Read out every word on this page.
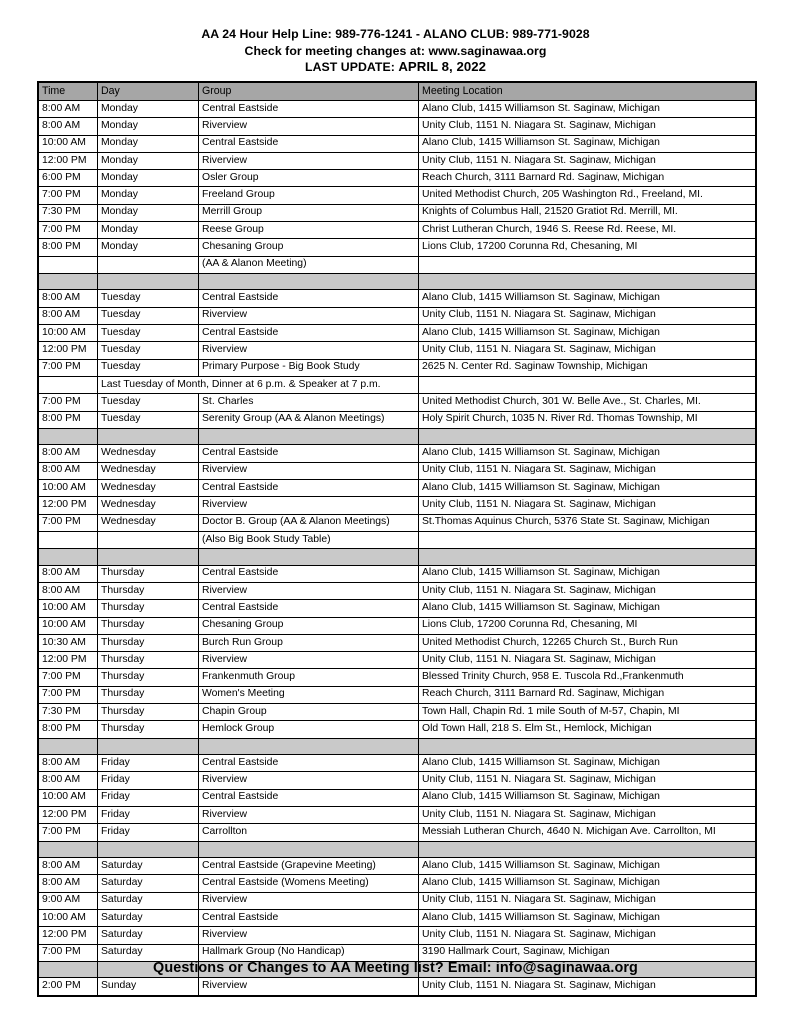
AA 24 Hour Help Line: 989-776-1241 - ALANO CLUB: 989-771-9028
Check for meeting changes at: www.saginawaa.org
LAST UPDATE: APRIL 8, 2022
Time	Day	Group	Meeting Location
8:00 AM	Monday	Central Eastside	Alano Club, 1415 Williamson St. Saginaw, Michigan
8:00 AM	Monday	Riverview	Unity Club, 1151 N. Niagara St. Saginaw, Michigan
10:00 AM	Monday	Central Eastside	Alano Club, 1415 Williamson St. Saginaw, Michigan
12:00 PM	Monday	Riverview	Unity Club, 1151 N. Niagara St. Saginaw, Michigan
6:00 PM	Monday	Osler Group	Reach Church, 3111 Barnard Rd. Saginaw, Michigan
7:00 PM	Monday	Freeland Group	United Methodist Church, 205 Washington Rd., Freeland, MI.
7:30 PM	Monday	Merrill Group	Knights of Columbus Hall, 21520 Gratiot Rd. Merrill, MI.
7:00 PM	Monday	Reese Group	Christ Lutheran Church, 1946 S. Reese Rd. Reese, MI.
8:00 PM	Monday	Chesaning Group	Lions Club, 17200 Corunna Rd, Chesaning, MI
		(AA & Alanon Meeting)	

8:00 AM	Tuesday	Central Eastside	Alano Club, 1415 Williamson St. Saginaw, Michigan
8:00 AM	Tuesday	Riverview	Unity Club, 1151 N. Niagara St. Saginaw, Michigan
10:00 AM	Tuesday	Central Eastside	Alano Club, 1415 Williamson St. Saginaw, Michigan
12:00 PM	Tuesday	Riverview	Unity Club, 1151 N. Niagara St. Saginaw, Michigan
7:00 PM	Tuesday	Primary Purpose - Big Book Study	2625 N. Center Rd. Saginaw Township, Michigan
	Last Tuesday of Month, Dinner at 6 p.m. & Speaker at 7 p.m.		
7:00 PM	Tuesday	St. Charles	United Methodist Church, 301 W. Belle Ave., St. Charles, MI.
8:00 PM	Tuesday	Serenity Group (AA & Alanon Meetings)	Holy Spirit Church, 1035 N. River Rd. Thomas Township, MI

8:00 AM	Wednesday	Central Eastside	Alano Club, 1415 Williamson St. Saginaw, Michigan
8:00 AM	Wednesday	Riverview	Unity Club, 1151 N. Niagara St. Saginaw, Michigan
10:00 AM	Wednesday	Central Eastside	Alano Club, 1415 Williamson St. Saginaw, Michigan
12:00 PM	Wednesday	Riverview	Unity Club, 1151 N. Niagara St. Saginaw, Michigan
7:00 PM	Wednesday	Doctor B. Group (AA & Alanon Meetings)	St.Thomas Aquinus Church, 5376 State St. Saginaw, Michigan
		(Also Big Book Study Table)	

8:00 AM	Thursday	Central Eastside	Alano Club, 1415 Williamson St. Saginaw, Michigan
8:00 AM	Thursday	Riverview	Unity Club, 1151 N. Niagara St. Saginaw, Michigan
10:00 AM	Thursday	Central Eastside	Alano Club, 1415 Williamson St. Saginaw, Michigan
10:00 AM	Thursday	Chesaning Group	Lions Club, 17200 Corunna Rd, Chesaning, MI
10:30 AM	Thursday	Burch Run Group	United Methodist Church, 12265 Church St., Burch Run
12:00 PM	Thursday	Riverview	Unity Club, 1151 N. Niagara St. Saginaw, Michigan
7:00 PM	Thursday	Frankenmuth Group	Blessed Trinity Church, 958 E. Tuscola Rd.,Frankenmuth
7:00 PM	Thursday	Women's Meeting	Reach Church, 3111 Barnard Rd. Saginaw, Michigan
7:30 PM	Thursday	Chapin Group	Town Hall, Chapin Rd. 1 mile South of M-57, Chapin, MI
8:00 PM	Thursday	Hemlock Group	Old Town Hall, 218 S. Elm St., Hemlock, Michigan

8:00 AM	Friday	Central Eastside	Alano Club, 1415 Williamson St. Saginaw, Michigan
8:00 AM	Friday	Riverview	Unity Club, 1151 N. Niagara St. Saginaw, Michigan
10:00 AM	Friday	Central Eastside	Alano Club, 1415 Williamson St. Saginaw, Michigan
12:00 PM	Friday	Riverview	Unity Club, 1151 N. Niagara St. Saginaw, Michigan
7:00 PM	Friday	Carrollton	Messiah Lutheran Church, 4640 N. Michigan Ave. Carrollton, MI

8:00 AM	Saturday	Central Eastside (Grapevine Meeting)	Alano Club, 1415 Williamson St. Saginaw, Michigan
8:00 AM	Saturday	Central Eastside (Womens Meeting)	Alano Club, 1415 Williamson St. Saginaw, Michigan
9:00 AM	Saturday	Riverview	Unity Club, 1151 N. Niagara St. Saginaw, Michigan
10:00 AM	Saturday	Central Eastside	Alano Club, 1415 Williamson St. Saginaw, Michigan
12:00 PM	Saturday	Riverview	Unity Club, 1151 N. Niagara St. Saginaw, Michigan
7:00 PM	Saturday	Hallmark Group (No Handicap)	3190 Hallmark Court, Saginaw, Michigan

2:00 PM	Sunday	Riverview	Unity Club, 1151 N. Niagara St. Saginaw, Michigan
Questions or Changes to AA Meeting list? Email: info@saginawaa.org
